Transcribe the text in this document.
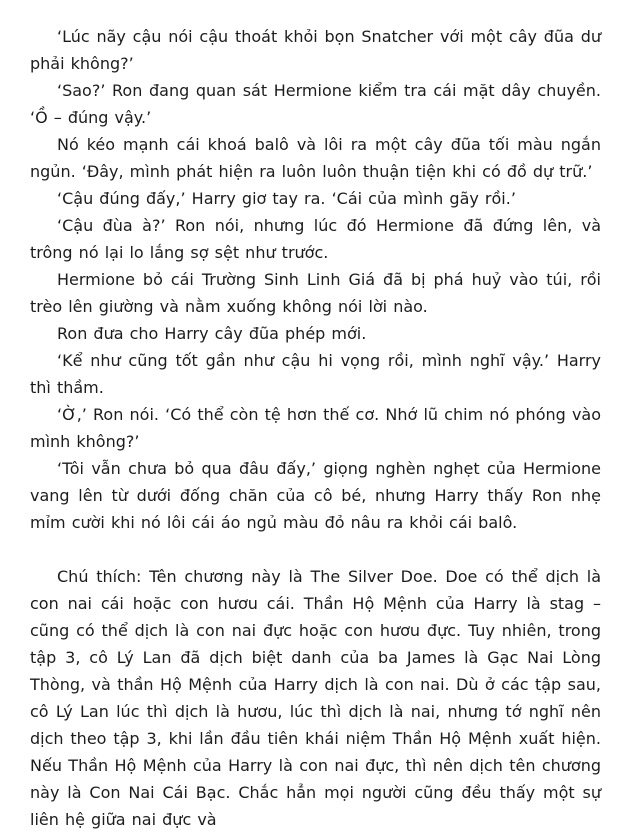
‘Lúc nãy cậu nói cậu thoát khỏi bọn Snatcher với một cây đũa dư phải không?’

‘Sao?’ Ron đang quan sát Hermione kiểm tra cái mặt dây chuyền. ‘Ồ – đúng vậy.’

Nó kéo mạnh cái khoá balô và lôi ra một cây đũa tối màu ngắn ngủn. ‘Đây, mình phát hiện ra luôn luôn thuận tiện khi có đồ dự trữ.’

‘Cậu đúng đấy,’ Harry giơ tay ra. ‘Cái của mình gãy rồi.’

‘Cậu đùa à?’ Ron nói, nhưng lúc đó Hermione đã đứng lên, và trông nó lại lo lắng sợ sệt như trước.

Hermione bỏ cái Trường Sinh Linh Giá đã bị phá huỷ vào túi, rồi trèo lên giường và nằm xuống không nói lời nào.

Ron đưa cho Harry cây đũa phép mới.

‘Kể như cũng tốt gần như cậu hi vọng rồi, mình nghĩ vậy.’ Harry thì thầm.

‘Ờ,’ Ron nói. ‘Có thể còn tệ hơn thế cơ. Nhớ lũ chim nó phóng vào mình không?’

‘Tôi vẫn chưa bỏ qua đâu đấy,’ giọng nghèn nghẹt của Hermione vang lên từ dưới đống chăn của cô bé, nhưng Harry thấy Ron nhẹ mỉm cười khi nó lôi cái áo ngủ màu đỏ nâu ra khỏi cái balô.

Chú thích: Tên chương này là The Silver Doe. Doe có thể dịch là con nai cái hoặc con hươu cái. Thần Hộ Mệnh của Harry là stag – cũng có thể dịch là con nai đực hoặc con hươu đực. Tuy nhiên, trong tập 3, cô Lý Lan đã dịch biệt danh của ba James là Gạc Nai Lòng Thòng, và thần Hộ Mệnh của Harry dịch là con nai. Dù ở các tập sau, cô Lý Lan lúc thì dịch là hươu, lúc thì dịch là nai, nhưng tớ nghĩ nên dịch theo tập 3, khi lần đầu tiên khái niệm Thần Hộ Mệnh xuất hiện. Nếu Thần Hộ Mệnh của Harry là con nai đực, thì nên dịch tên chương này là Con Nai Cái Bạc. Chắc hẳn mọi người cũng đều thấy một sự liên hệ giữa nai đực và
